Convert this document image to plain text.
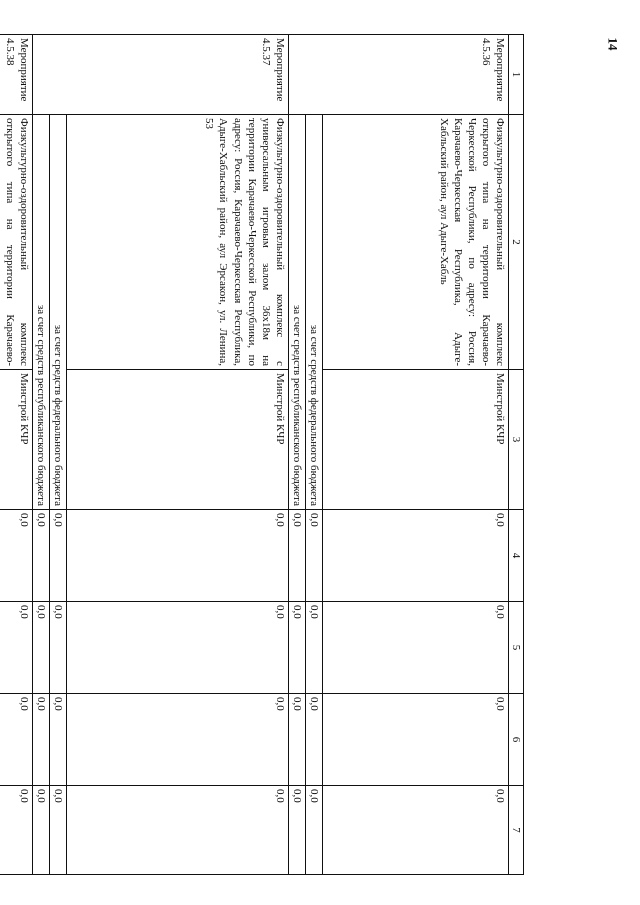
14
1	2	3	4	5	6	7
Мероприятие 4.5.36	Физкультурно-оздоровительный комплекс открытого типа на территории Карачаево-Черкесской Республики, по адресу: Россия, Карачаево-Черкесская Республика, Адыге-Хабльский район, аул Адыге-Хабль	Минстрой КЧР	0,0	0,0	0,0	0,0
	за счет средств федерального бюджета		0,0	0,0	0,0	0,0
	за счет средств республиканского бюджета		0,0	0,0	0,0	0,0
Мероприятие 4.5.37	Физкультурно-оздоровительный комплекс с универсальным игровым залом 36х18м на территории Карачаево-Черкесской Республики, по адресу: Россия, Карачаево-Черкесская Республика, Адыге-Хабльский район, аул Эрсакон, ул. Ленина, 53	Минстрой КЧР	0,0	0,0	0,0	0,0
	за счет средств федерального бюджета		0,0	0,0	0,0	0,0
	за счет средств республиканского бюджета		0,0	0,0	0,0	0,0
Мероприятие 4.5.38	Физкультурно-оздоровительный комплекс открытого типа на территории Карачаево-	Минстрой КЧР	0,0	0,0	0,0	0,0
